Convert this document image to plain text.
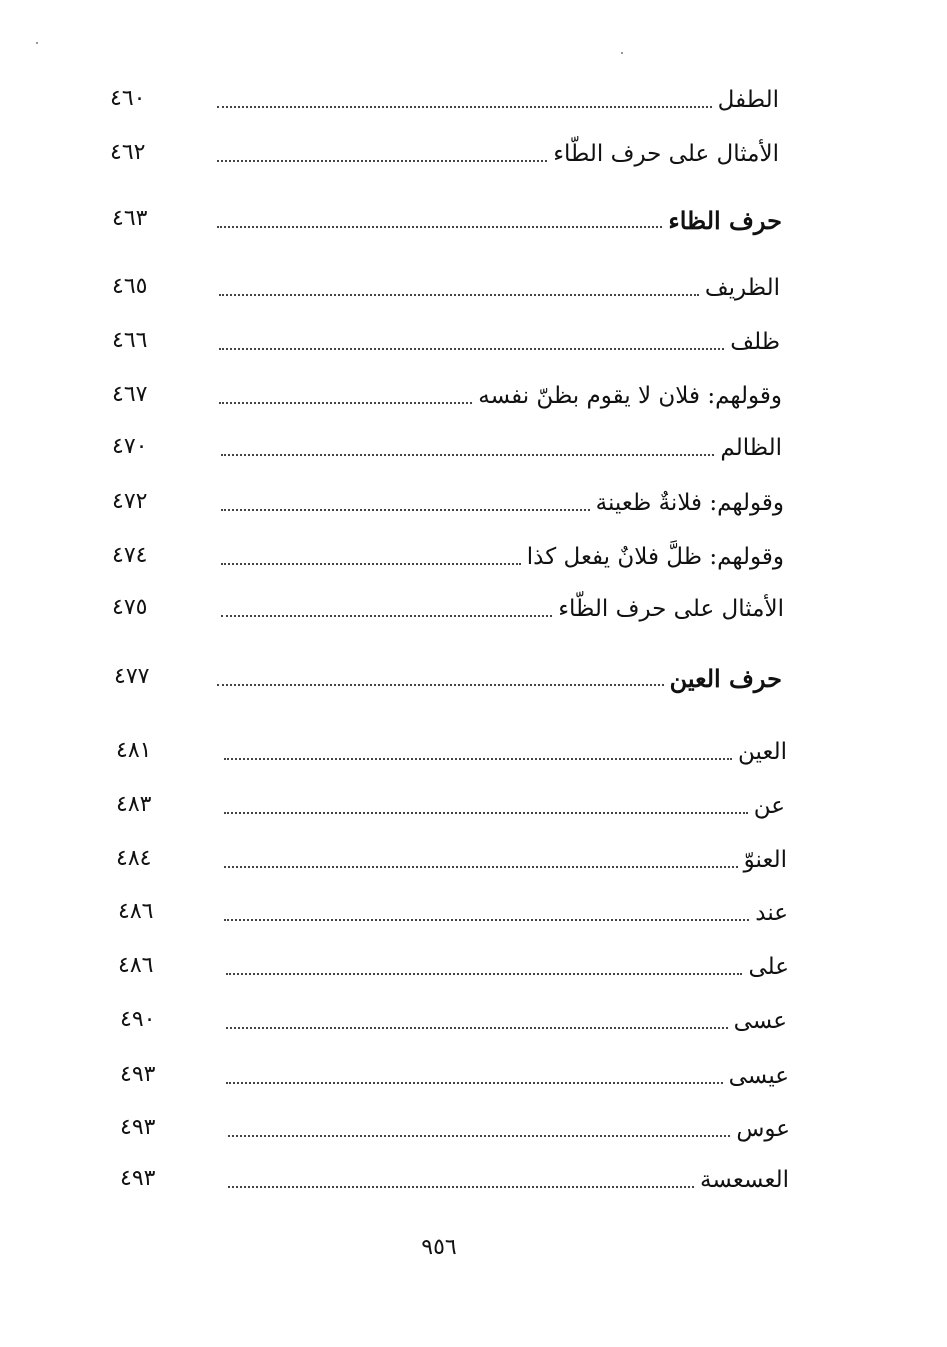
الطفل
٤٦٠
الأمثال على حرف الطّاء
٤٦٢
حرف الظاء
٤٦٣
الظريف
٤٦٥
ظلف
٤٦٦
وقولهم: فلان لا يقوم بظنّ نفسه
٤٦٧
الظالم
٤٧٠
وقولهم: فلانةٌ ظعينة
٤٧٢
وقولهم: ظلَّ فلانٌ يفعل كذا
٤٧٤
الأمثال على حرف الظّاء
٤٧٥
حرف العين
٤٧٧
العين
٤٨١
عن
٤٨٣
العنوّ
٤٨٤
عند
٤٨٦
على
٤٨٦
عسى
٤٩٠
عيسى
٤٩٣
عوس
٤٩٣
العسعسة
٤٩٣
٩٥٦
